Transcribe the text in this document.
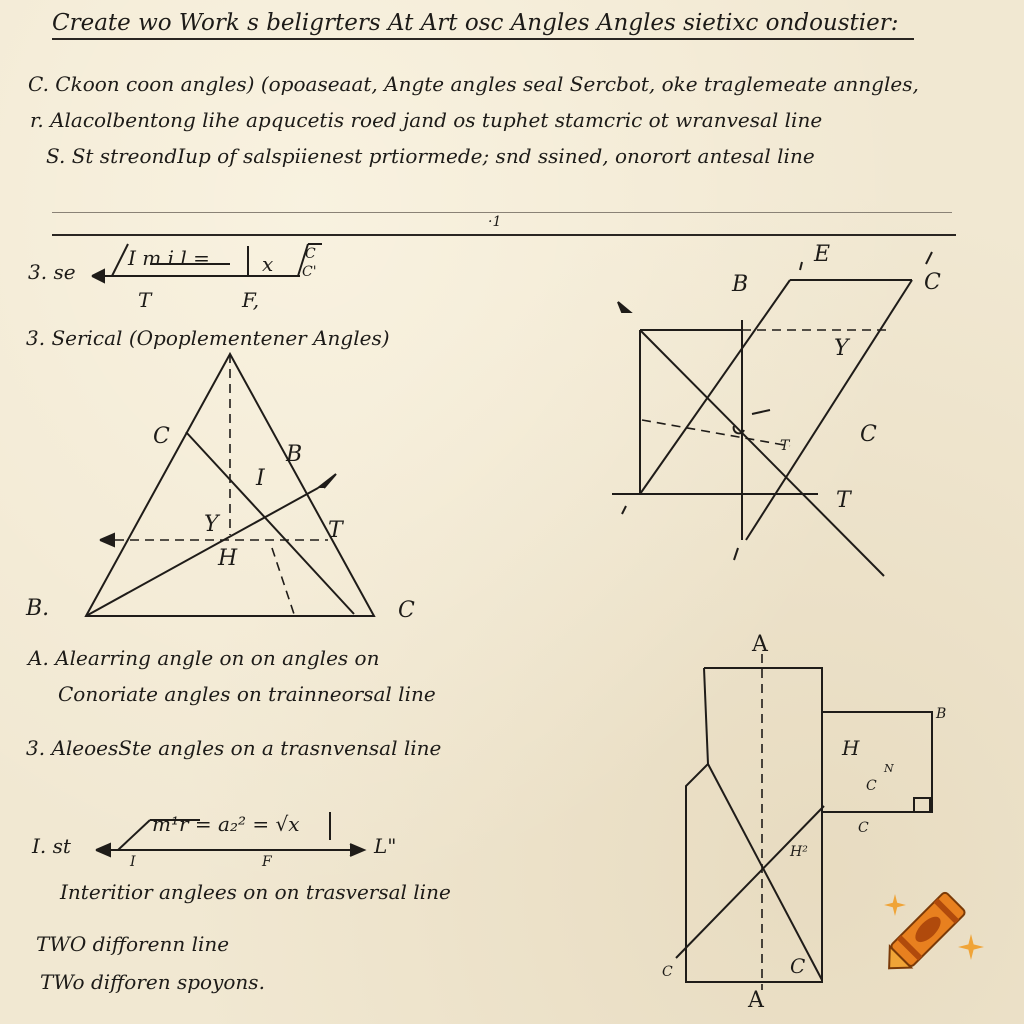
Create wo Work s beligrters At Art osc Angles Angles sietixc ondoustier:
C. Ckoon coon angles) (opoaseaat, Angte angles seal Sercbot, oke traglemeate anngles,
r. Alacolbentong lihe apqucetis roed jand os tuphet stamcric ot wranvesal line
S. St streondIup of salspiienest prtiormede; snd ssined, onorort antesal line
·1
3. se
I m i l =	x C
C'
T	F,
3. Serical (Opoplementener Angles)
C
B
I
Y	T
H
B.	C
E
B	C
Y
C
T
T
A. Alearring angle on on angles on
Conoriate angles on trainneorsal line
3. AleoesSte angles on a trasnvensal line
I. st
m¹r = a₂² = √x
L"
I	F
Interitior anglees on on trasversal line
TWO difforenn line
TWo difforen spoyons.
A
B
H
N
C
C
H²
C	C
A
